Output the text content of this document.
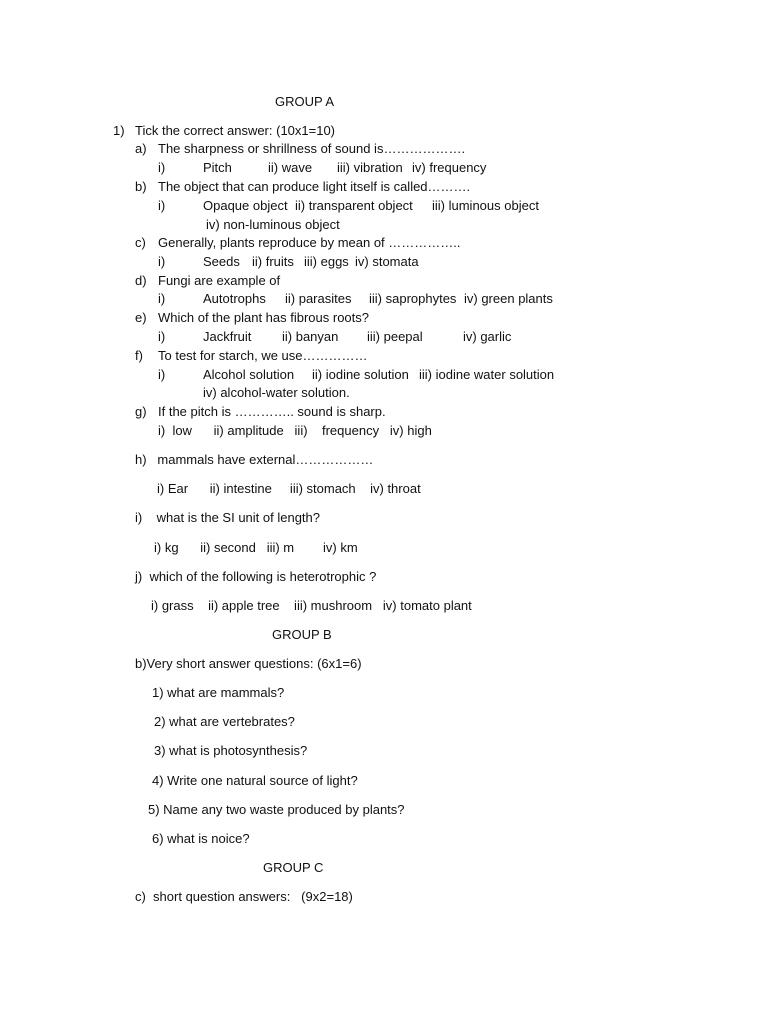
GROUP A
1) Tick the correct answer: (10x1=10)
a) The sharpness or shrillness of sound is……………….
i)	Pitch	ii) wave iii) vibration iv) frequency
b) The object that can produce light itself is called……….
i)	Opaque object ii) transparent object iii) luminous object
iv) non-luminous object
c) Generally, plants reproduce by mean of ……………..
i)	Seeds ii) fruits iii) eggs iv) stomata
d) Fungi are example of
i)	Autotrophs ii) parasites iii) saprophytes iv) green plants
e) Which of the plant has fibrous roots?
i)	Jackfruit ii) banyan iii) peepal	iv) garlic
f) To test for starch, we use……………
i)	Alcohol solution ii) iodine solution iii) iodine water solution
iv) alcohol-water solution.
g) If the pitch is ………….. sound is sharp.
i)  low      ii) amplitude   iii)    frequency   iv) high
h)   mammals have external………………
i) Ear      ii) intestine     iii) stomach    iv) throat
i)    what is the SI unit of length?
i) kg      ii) second   iii) m        iv) km
j)  which of the following is heterotrophic ?
i) grass    ii) apple tree    iii) mushroom   iv) tomato plant
GROUP B
b)Very short answer questions: (6x1=6)
1) what are mammals?
2) what are vertebrates?
3) what is photosynthesis?
4) Write one natural source of light?
5) Name any two waste produced by plants?
6) what is noice?
GROUP C
c)  short question answers:   (9x2=18)
